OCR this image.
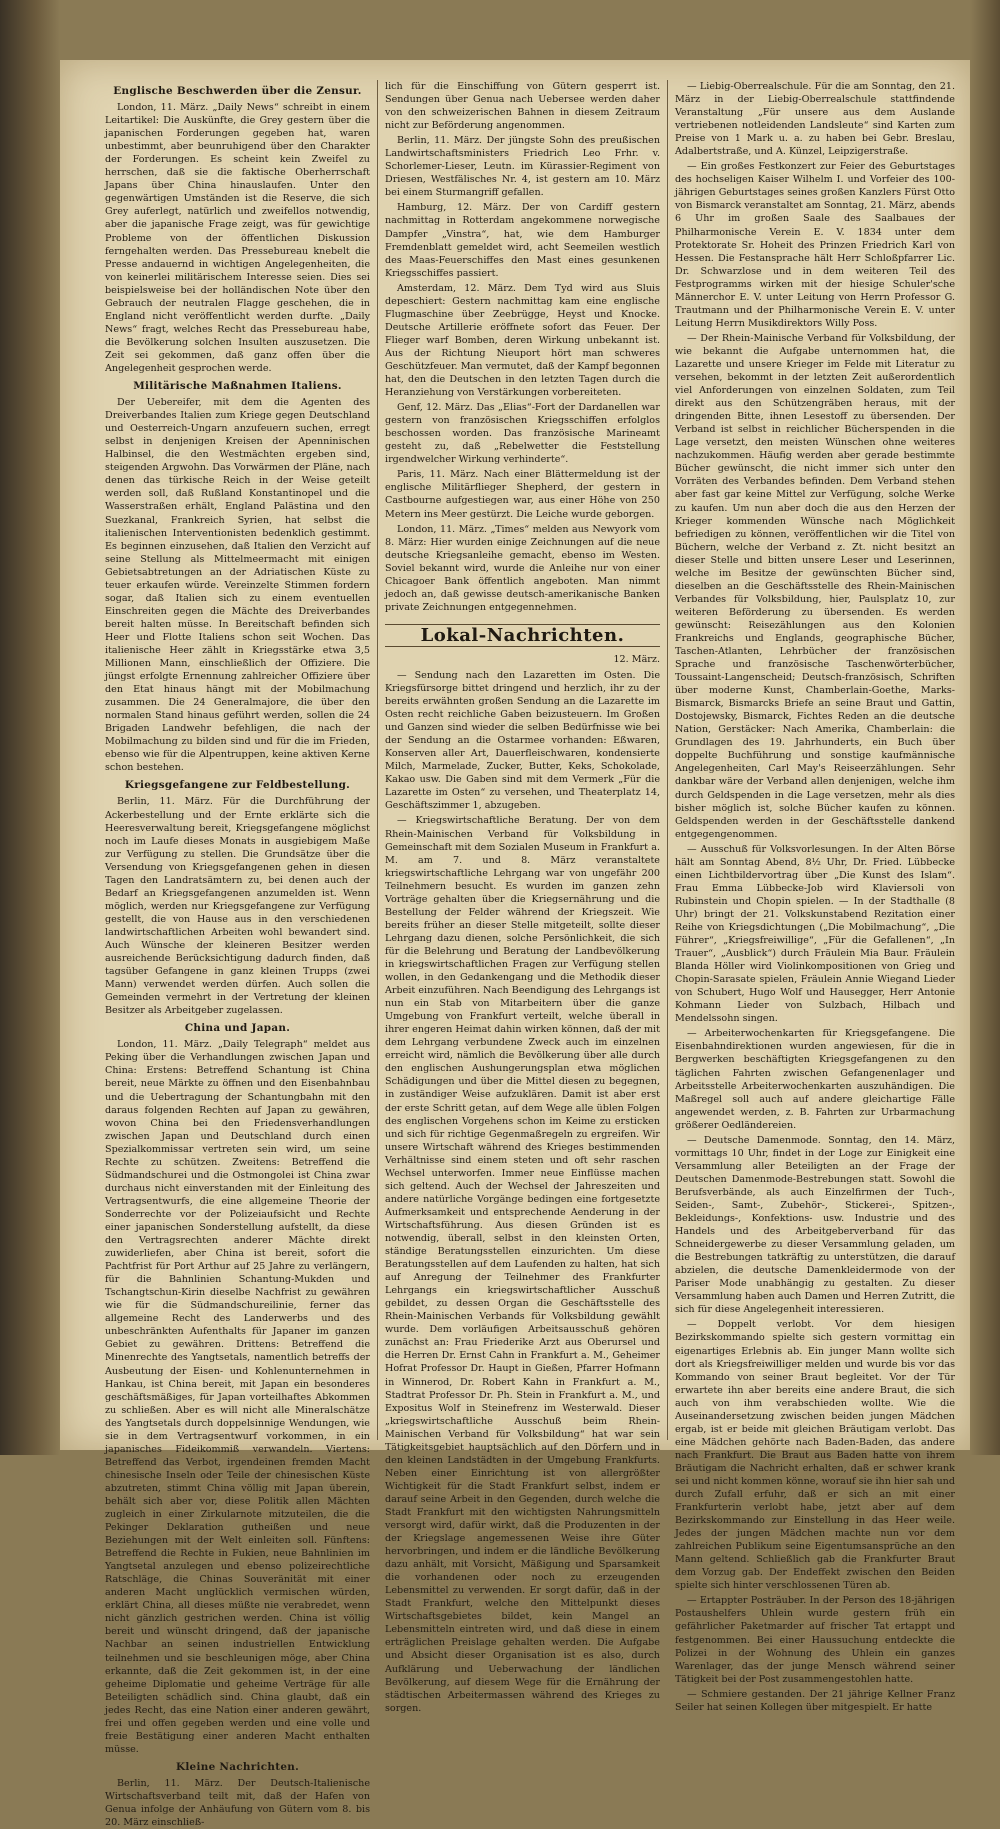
Englische Beschwerden über die Zensur.

London, 11. März. „Daily News“ schreibt in einem Leitartikel: Die Auskünfte, die Grey gestern über die japanischen Forderungen gegeben hat, waren unbestimmt, aber beunruhigend über den Charakter der Forderungen. Es scheint kein Zweifel zu herrschen, daß sie die faktische Oberherrschaft Japans über China hinauslaufen. Unter den gegenwärtigen Umständen ist die Reserve, die sich Grey auferlegt, natürlich und zweifellos notwendig, aber die japanische Frage zeigt, was für gewichtige Probleme von der öffentlichen Diskussion ferngehalten werden. Das Pressebureau knebelt die Presse andauernd in wichtigen Angelegenheiten, die von keinerlei militärischem Interesse seien. Dies sei beispielsweise bei der holländischen Note über den Gebrauch der neutralen Flagge geschehen, die in England nicht veröffentlicht werden durfte. „Daily News“ fragt, welches Recht das Pressebureau habe, die Bevölkerung solchen Insulten auszusetzen. Die Zeit sei gekommen, daß ganz offen über die Angelegenheit gesprochen werde.

Militärische Maßnahmen Italiens.

Der Uebereifer, mit dem die Agenten des Dreiverbandes Italien zum Kriege gegen Deutschland und Oesterreich-Ungarn anzufeuern suchen, erregt selbst in denjenigen Kreisen der Apenninischen Halbinsel, die den Westmächten ergeben sind, steigenden Argwohn. Das Vorwärmen der Pläne, nach denen das türkische Reich in der Weise geteilt werden soll, daß Rußland Konstantinopel und die Wasserstraßen erhält, England Palästina und den Suezkanal, Frankreich Syrien, hat selbst die italienischen Interventionisten bedenklich gestimmt. Es beginnen einzusehen, daß Italien den Verzicht auf seine Stellung als Mittelmeermacht mit einigen Gebietsabtretungen an der Adriatischen Küste zu teuer erkaufen würde. Vereinzelte Stimmen fordern sogar, daß Italien sich zu einem eventuellen Einschreiten gegen die Mächte des Dreiverbandes bereit halten müsse. In Bereitschaft befinden sich Heer und Flotte Italiens schon seit Wochen. Das italienische Heer zählt in Kriegsstärke etwa 3,5 Millionen Mann, einschließlich der Offiziere. Die jüngst erfolgte Ernennung zahlreicher Offiziere über den Etat hinaus hängt mit der Mobilmachung zusammen. Die 24 Generalmajore, die über den normalen Stand hinaus geführt werden, sollen die 24 Brigaden Landwehr befehligen, die nach der Mobilmachung zu bilden sind und für die im Frieden, ebenso wie für die Alpentruppen, keine aktiven Kerne schon bestehen.

Kriegsgefangene zur Feldbestellung.

Berlin, 11. März. Für die Durchführung der Ackerbestellung und der Ernte erklärte sich die Heeresverwaltung bereit, Kriegsgefangene möglichst noch im Laufe dieses Monats in ausgiebigem Maße zur Verfügung zu stellen. Die Grundsätze über die Versendung von Kriegsgefangenen gehen in diesen Tagen den Landratsämtern zu, bei denen auch der Bedarf an Kriegsgefangenen anzumelden ist. Wenn möglich, werden nur Kriegsgefangene zur Verfügung gestellt, die von Hause aus in den verschiedenen landwirtschaftlichen Arbeiten wohl bewandert sind. Auch Wünsche der kleineren Besitzer werden ausreichende Berücksichtigung dadurch finden, daß tagsüber Gefangene in ganz kleinen Trupps (zwei Mann) verwendet werden dürfen. Auch sollen die Gemeinden vermehrt in der Vertretung der kleinen Besitzer als Arbeitgeber zugelassen.

China und Japan.

London, 11. März. „Daily Telegraph“ meldet aus Peking über die Verhandlungen zwischen Japan und China: Erstens: Betreffend Schantung ist China bereit, neue Märkte zu öffnen und den Eisenbahnbau und die Uebertragung der Schantungbahn mit den daraus folgenden Rechten auf Japan zu gewähren, wovon China bei den Friedensverhandlungen zwischen Japan und Deutschland durch einen Spezialkommissar vertreten sein wird, um seine Rechte zu schützen. Zweitens: Betreffend die Südmandschurei und die Ostmongolei ist China zwar durchaus nicht einverstanden mit der Einleitung des Vertragsentwurfs, die eine allgemeine Theorie der Sonderrechte vor der Polizeiaufsicht und Rechte einer japanischen Sonderstellung aufstellt, da diese den Vertragsrechten anderer Mächte direkt zuwiderliefen, aber China ist bereit, sofort die Pachtfrist für Port Arthur auf 25 Jahre zu verlängern, für die Bahnlinien Schantung-Mukden und Tschangtschun-Kirin dieselbe Nachfrist zu gewähren wie für die Südmandschureilinie, ferner das allgemeine Recht des Landerwerbs und des unbeschränkten Aufenthalts für Japaner im ganzen Gebiet zu gewähren. Drittens: Betreffend die Minenrechte des Yangtsetals, namentlich betreffs der Ausbeutung der Eisen- und Kohlenunternehmen in Hankau, ist China bereit, mit Japan ein besonderes geschäftsmäßiges, für Japan vorteilhaftes Abkommen zu schließen. Aber es will nicht alle Mineralschätze des Yangtsetals durch doppelsinnige Wendungen, wie sie in dem Vertragsentwurf vorkommen, in ein japanisches Fideikommiß verwandeln. Viertens: Betreffend das Verbot, irgendeinen fremden Macht chinesische Inseln oder Teile der chinesischen Küste abzutreten, stimmt China völlig mit Japan überein, behält sich aber vor, diese Politik allen Mächten zugleich in einer Zirkularnote mitzuteilen, die die Pekinger Deklaration gutheißen und neue Beziehungen mit der Welt einleiten soll. Fünftens: Betreffend die Rechte in Fukien, neue Bahnlinien im Yangtsetal anzulegen und ebenso polizeirechtliche Ratschläge, die Chinas Souveränität mit einer anderen Macht unglücklich vermischen würden, erklärt China, all dieses müßte nie verabredet, wenn nicht gänzlich gestrichen werden. China ist völlig bereit und wünscht dringend, daß der japanische Nachbar an seinen industriellen Entwicklung teilnehmen und sie beschleunigen möge, aber China erkannte, daß die Zeit gekommen ist, in der eine geheime Diplomatie und geheime Verträge für alle Beteiligten schädlich sind. China glaubt, daß ein jedes Recht, das eine Nation einer anderen gewährt, frei und offen gegeben werden und eine volle und freie Bestätigung einer anderen Macht enthalten müsse.

Kleine Nachrichten.

Berlin, 11. März. Der Deutsch-Italienische Wirtschaftsverband teilt mit, daß der Hafen von Genua infolge der Anhäufung von Gütern vom 8. bis 20. März einschließ-

lich für die Einschiffung von Gütern gesperrt ist. Sendungen über Genua nach Uebersee werden daher von den schweizerischen Bahnen in diesem Zeitraum nicht zur Beförderung angenommen.

Berlin, 11. März. Der jüngste Sohn des preußischen Landwirtschaftsministers Friedrich Leo Frhr. v. Schorlemer-Lieser, Leutn. im Kürassier-Regiment von Driesen, Westfälisches Nr. 4, ist gestern am 10. März bei einem Sturmangriff gefallen.

Hamburg, 12. März. Der von Cardiff gestern nachmittag in Rotterdam angekommene norwegische Dampfer „Vinstra“, hat, wie dem Hamburger Fremdenblatt gemeldet wird, acht Seemeilen westlich des Maas-Feuerschiffes den Mast eines gesunkenen Kriegsschiffes passiert.

Amsterdam, 12. März. Dem Tyd wird aus Sluis depeschiert: Gestern nachmittag kam eine englische Flugmaschine über Zeebrügge, Heyst und Knocke. Deutsche Artillerie eröffnete sofort das Feuer. Der Flieger warf Bomben, deren Wirkung unbekannt ist. Aus der Richtung Nieuport hört man schweres Geschützfeuer. Man vermutet, daß der Kampf begonnen hat, den die Deutschen in den letzten Tagen durch die Heranziehung von Verstärkungen vorbereiteten.

Genf, 12. März. Das „Elias“-Fort der Dardanellen war gestern von französischen Kriegsschiffen erfolglos beschossen worden. Das französische Marineamt gesteht zu, daß „Rebelwetter die Feststellung irgendwelcher Wirkung verhinderte“.

Paris, 11. März. Nach einer Blättermeldung ist der englische Militärflieger Shepherd, der gestern in Castbourne aufgestiegen war, aus einer Höhe von 250 Metern ins Meer gestürzt. Die Leiche wurde geborgen.

London, 11. März. „Times“ melden aus Newyork vom 8. März: Hier wurden einige Zeichnungen auf die neue deutsche Kriegsanleihe gemacht, ebenso im Westen. Soviel bekannt wird, wurde die Anleihe nur von einer Chicagoer Bank öffentlich angeboten. Man nimmt jedoch an, daß gewisse deutsch-amerikanische Banken private Zeichnungen entgegennehmen.

Lokal-Nachrichten.
12. März.

— Sendung nach den Lazaretten im Osten. Die Kriegsfürsorge bittet dringend und herzlich, ihr zu der bereits erwähnten großen Sendung an die Lazarette im Osten recht reichliche Gaben beizusteuern. Im Großen und Ganzen sind wieder die selben Bedürfnisse wie bei der Sendung an die Ostarmee vorhanden: Eßwaren, Konserven aller Art, Dauerfleischwaren, kondensierte Milch, Marmelade, Zucker, Butter, Keks, Schokolade, Kakao usw. Die Gaben sind mit dem Vermerk „Für die Lazarette im Osten“ zu versehen, und Theaterplatz 14, Geschäftszimmer 1, abzugeben.

— Kriegswirtschaftliche Beratung. Der von dem Rhein-Mainischen Verband für Volksbildung in Gemeinschaft mit dem Sozialen Museum in Frankfurt a. M. am 7. und 8. März veranstaltete kriegswirtschaftliche Lehrgang war von ungefähr 200 Teilnehmern besucht. Es wurden im ganzen zehn Vorträge gehalten über die Kriegsernährung und die Bestellung der Felder während der Kriegszeit. Wie bereits früher an dieser Stelle mitgeteilt, sollte dieser Lehrgang dazu dienen, solche Persönlichkeit, die sich für die Belehrung und Beratung der Landbevölkerung in kriegswirtschaftlichen Fragen zur Verfügung stellen wollen, in den Gedankengang und die Methodik dieser Arbeit einzuführen. Nach Beendigung des Lehrgangs ist nun ein Stab von Mitarbeitern über die ganze Umgebung von Frankfurt verteilt, welche überall in ihrer engeren Heimat dahin wirken können, daß der mit dem Lehrgang verbundene Zweck auch im einzelnen erreicht wird, nämlich die Bevölkerung über alle durch den englischen Aushungerungsplan etwa möglichen Schädigungen und über die Mittel diesen zu begegnen, in zuständiger Weise aufzuklären. Damit ist aber erst der erste Schritt getan, auf dem Wege alle üblen Folgen des englischen Vorgehens schon im Keime zu ersticken und sich für richtige Gegenmaßregeln zu ergreifen. Wir unsere Wirtschaft während des Krieges bestimmenden Verhältnisse sind einem steten und oft sehr raschen Wechsel unterworfen. Immer neue Einflüsse machen sich geltend. Auch der Wechsel der Jahreszeiten und andere natürliche Vorgänge bedingen eine fortgesetzte Aufmerksamkeit und entsprechende Aenderung in der Wirtschaftsführung. Aus diesen Gründen ist es notwendig, überall, selbst in den kleinsten Orten, ständige Beratungsstellen einzurichten. Um diese Beratungsstellen auf dem Laufenden zu halten, hat sich auf Anregung der Teilnehmer des Frankfurter Lehrgangs ein kriegswirtschaftlicher Ausschuß gebildet, zu dessen Organ die Geschäftsstelle des Rhein-Mainischen Verbands für Volksbildung gewählt wurde. Dem vorläufigen Arbeitsausschuß gehören zunächst an: Frau Friederike Arzt aus Oberursel und die Herren Dr. Ernst Cahn in Frankfurt a. M., Geheimer Hofrat Professor Dr. Haupt in Gießen, Pfarrer Hofmann in Winnerod, Dr. Robert Kahn in Frankfurt a. M., Stadtrat Professor Dr. Ph. Stein in Frankfurt a. M., und Expositus Wolf in Steinefrenz im Westerwald. Dieser „kriegswirtschaftliche Ausschuß beim Rhein-Mainischen Verband für Volksbildung“ hat war sein Tätigkeitsgebiet hauptsächlich auf den Dörfern und in den kleinen Landstädten in der Umgebung Frankfurts. Neben einer Einrichtung ist von allergrößter Wichtigkeit für die Stadt Frankfurt selbst, indem er darauf seine Arbeit in den Gegenden, durch welche die Stadt Frankfurt mit den wichtigsten Nahrungsmitteln versorgt wird, dafür wirkt, daß die Produzenten in der der Kriegslage angemessenen Weise ihre Güter hervorbringen, und indem er die ländliche Bevölkerung dazu anhält, mit Vorsicht, Mäßigung und Sparsamkeit die vorhandenen oder noch zu erzeugenden Lebensmittel zu verwenden. Er sorgt dafür, daß in der Stadt Frankfurt, welche den Mittelpunkt dieses Wirtschaftsgebietes bildet, kein Mangel an Lebensmitteln eintreten wird, und daß diese in einem erträglichen Preislage gehalten werden. Die Aufgabe und Absicht dieser Organisation ist es also, durch Aufklärung und Ueberwachung der ländlichen Bevölkerung, auf diesem Wege für die Ernährung der städtischen Arbeitermassen während des Krieges zu sorgen.

— Liebig-Oberrealschule. Für die am Sonntag, den 21. März in der Liebig-Oberrealschule stattfindende Veranstaltung „Für unsere aus dem Auslande vertriebenen notleidenden Landsleute“ sind Karten zum Preise von 1 Mark u. a. zu haben bei Gebr. Breslau, Adalbertstraße, und A. Künzel, Leipzigerstraße.

— Ein großes Festkonzert zur Feier des Geburtstages des hochseligen Kaiser Wilhelm I. und Vorfeier des 100-jährigen Geburtstages seines großen Kanzlers Fürst Otto von Bismarck veranstaltet am Sonntag, 21. März, abends 6 Uhr im großen Saale des Saalbaues der Philharmonische Verein E. V. 1834 unter dem Protektorate Sr. Hoheit des Prinzen Friedrich Karl von Hessen. Die Festansprache hält Herr Schloßpfarrer Lic. Dr. Schwarzlose und in dem weiteren Teil des Festprogramms wirken mit der hiesige Schuler'sche Männerchor E. V. unter Leitung von Herrn Professor G. Trautmann und der Philharmonische Verein E. V. unter Leitung Herrn Musikdirektors Willy Poss.

— Der Rhein-Mainische Verband für Volksbildung, der wie bekannt die Aufgabe unternommen hat, die Lazarette und unsere Krieger im Felde mit Literatur zu versehen, bekommt in der letzten Zeit außerordentlich viel Anforderungen von einzelnen Soldaten, zum Teil direkt aus den Schützengräben heraus, mit der dringenden Bitte, ihnen Lesestoff zu übersenden. Der Verband ist selbst in reichlicher Bücherspenden in die Lage versetzt, den meisten Wünschen ohne weiteres nachzukommen. Häufig werden aber gerade bestimmte Bücher gewünscht, die nicht immer sich unter den Vorräten des Verbandes befinden. Dem Verband stehen aber fast gar keine Mittel zur Verfügung, solche Werke zu kaufen. Um nun aber doch die aus den Herzen der Krieger kommenden Wünsche nach Möglichkeit befriedigen zu können, veröffentlichen wir die Titel von Büchern, welche der Verband z. Zt. nicht besitzt an dieser Stelle und bitten unsere Leser und Leserinnen, welche im Besitze der gewünschten Bücher sind, dieselben an die Geschäftsstelle des Rhein-Mainischen Verbandes für Volksbildung, hier, Paulsplatz 10, zur weiteren Beförderung zu übersenden. Es werden gewünscht: Reisezählungen aus den Kolonien Frankreichs und Englands, geographische Bücher, Taschen-Atlanten, Lehrbücher der französischen Sprache und französische Taschenwörterbücher, Toussaint-Langenscheid; Deutsch-französisch, Schriften über moderne Kunst, Chamberlain-Goethe, Marks-Bismarck, Bismarcks Briefe an seine Braut und Gattin, Dostojewsky, Bismarck, Fichtes Reden an die deutsche Nation, Gerstäcker: Nach Amerika, Chamberlain: die Grundlagen des 19. Jahrhunderts, ein Buch über doppelte Buchführung und sonstige kaufmännische Angelegenheiten, Carl May's Reiseerzählungen. Sehr dankbar wäre der Verband allen denjenigen, welche ihm durch Geldspenden in die Lage versetzen, mehr als dies bisher möglich ist, solche Bücher kaufen zu können. Geldspenden werden in der Geschäftsstelle dankend entgegengenommen.

— Ausschuß für Volksvorlesungen. In der Alten Börse hält am Sonntag Abend, 8½ Uhr, Dr. Fried. Lübbecke einen Lichtbildervortrag über „Die Kunst des Islam“. Frau Emma Lübbecke-Job wird Klaviersoli von Rubinstein und Chopin spielen. — In der Stadthalle (8 Uhr) bringt der 21. Volkskunstabend Rezitation einer Reihe von Kriegsdichtungen („Die Mobilmachung“, „Die Führer“, „Kriegsfreiwillige“, „Für die Gefallenen“, „In Trauer“, „Ausblick“) durch Fräulein Mia Baur. Fräulein Blanda Höller wird Violinkompositionen von Grieg und Chopin-Sarasate spielen, Fräulein Annie Wiegand Lieder von Schubert, Hugo Wolf und Hausegger, Herr Antonie Kohmann Lieder von Sulzbach, Hilbach und Mendelssohn singen.

— Arbeiterwochenkarten für Kriegsgefangene. Die Eisenbahndirektionen wurden angewiesen, für die in Bergwerken beschäftigten Kriegsgefangenen zu den täglichen Fahrten zwischen Gefangenenlager und Arbeitsstelle Arbeiterwochenkarten auszuhändigen. Die Maßregel soll auch auf andere gleichartige Fälle angewendet werden, z. B. Fahrten zur Urbarmachung größerer Oedländereien.

— Deutsche Damenmode. Sonntag, den 14. März, vormittags 10 Uhr, findet in der Loge zur Einigkeit eine Versammlung aller Beteiligten an der Frage der Deutschen Damenmode-Bestrebungen statt. Sowohl die Berufsverbände, als auch Einzelfirmen der Tuch-, Seiden-, Samt-, Zubehör-, Stickerei-, Spitzen-, Bekleidungs-, Konfektions- usw. Industrie und des Handels und des Arbeitgeberverband für das Schneidergewerbe zu dieser Versammlung geladen, um die Bestrebungen tatkräftig zu unterstützen, die darauf abzielen, die deutsche Damenkleidermode von der Pariser Mode unabhängig zu gestalten. Zu dieser Versammlung haben auch Damen und Herren Zutritt, die sich für diese Angelegenheit interessieren.

— Doppelt verlobt. Vor dem hiesigen Bezirkskommando spielte sich gestern vormittag ein eigenartiges Erlebnis ab. Ein junger Mann wollte sich dort als Kriegsfreiwilliger melden und wurde bis vor das Kommando von seiner Braut begleitet. Vor der Tür erwartete ihn aber bereits eine andere Braut, die sich auch von ihm verabschieden wollte. Wie die Auseinandersetzung zwischen beiden jungen Mädchen ergab, ist er beide mit gleichen Bräutigam verlobt. Das eine Mädchen gehörte nach Baden-Baden, das andere nach Frankfurt. Die Braut aus Baden hatte von ihrem Bräutigam die Nachricht erhalten, daß er schwer krank sei und nicht kommen könne, worauf sie ihn hier sah und durch Zufall erfuhr, daß er sich an mit einer Frankfurterin verlobt habe, jetzt aber auf dem Bezirkskommando zur Einstellung in das Heer weile. Jedes der jungen Mädchen machte nun vor dem zahlreichen Publikum seine Eigentumsansprüche an den Mann geltend. Schließlich gab die Frankfurter Braut dem Vorzug gab. Der Endeffekt zwischen den Beiden spielte sich hinter verschlossenen Türen ab.

— Ertappter Posträuber. In der Person des 18-jährigen Postaushelfers Uhlein wurde gestern früh ein gefährlicher Paketmarder auf frischer Tat ertappt und festgenommen. Bei einer Haussuchung entdeckte die Polizei in der Wohnung des Uhlein ein ganzes Warenlager, das der junge Mensch während seiner Tätigkeit bei der Post zusammengestohlen hatte.

— Schmiere gestanden. Der 21 jährige Kellner Franz Seiler hat seinen Kollegen über mitgespielt. Er hatte
